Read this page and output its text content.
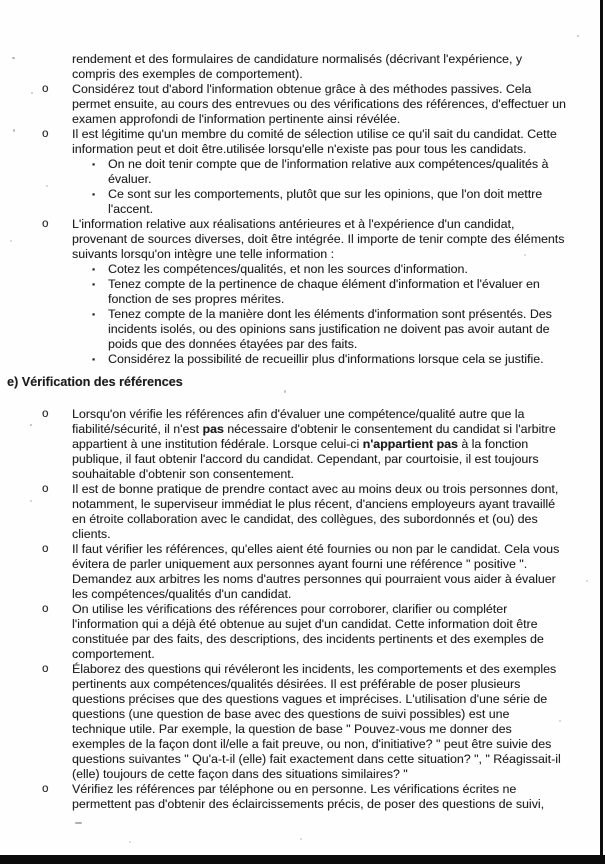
rendement et des formulaires de candidature normalisés (décrivant l'expérience, y compris des exemples de comportement).

o Considérez tout d'abord l'information obtenue grâce à des méthodes passives. Cela permet ensuite, au cours des entrevues ou des vérifications des références, d'effectuer un examen approfondi de l'information pertinente ainsi révélée.
o Il est légitime qu'un membre du comité de sélection utilise ce qu'il sait du candidat. Cette information peut et doit être.utilisée lorsqu'elle n'existe pas pour tous les candidats.
▪ On ne doit tenir compte que de l'information relative aux compétences/qualités à évaluer.
▪ Ce sont sur les comportements, plutôt que sur les opinions, que l'on doit mettre l'accent.
o L'information relative aux réalisations antérieures et à l'expérience d'un candidat, provenant de sources diverses, doit être intégrée. Il importe de tenir compte des éléments suivants lorsqu'on intègre une telle information :
▪ Cotez les compétences/qualités, et non les sources d'information.
▪ Tenez compte de la pertinence de chaque élément d'information et l'évaluer en fonction de ses propres mérites.
▪ Tenez compte de la manière dont les éléments d'information sont présentés. Des incidents isolés, ou des opinions sans justification ne doivent pas avoir autant de poids que des données étayées par des faits.
▪ Considérez la possibilité de recueillir plus d'informations lorsque cela se justifie.
e) Vérification des références
o Lorsqu'on vérifie les références afin d'évaluer une compétence/qualité autre que la fiabilité/sécurité, il n'est pas nécessaire d'obtenir le consentement du candidat si l'arbitre appartient à une institution fédérale. Lorsque celui-ci n'appartient pas à la fonction publique, il faut obtenir l'accord du candidat. Cependant, par courtoisie, il est toujours souhaitable d'obtenir son consentement.
o Il est de bonne pratique de prendre contact avec au moins deux ou trois personnes dont, notamment, le superviseur immédiat le plus récent, d'anciens employeurs ayant travaillé en étroite collaboration avec le candidat, des collègues, des subordonnés et (ou) des clients.
o Il faut vérifier les références, qu'elles aient été fournies ou non par le candidat. Cela vous évitera de parler uniquement aux personnes ayant fourni une référence " positive ". Demandez aux arbitres les noms d'autres personnes qui pourraient vous aider à évaluer les compétences/qualités d'un candidat.
o On utilise les vérifications des références pour corroborer, clarifier ou compléter l'information qui a déjà été obtenue au sujet d'un candidat. Cette information doit être constituée par des faits, des descriptions, des incidents pertinents et des exemples de comportement.
o Élaborez des questions qui révéleront les incidents, les comportements et des exemples pertinents aux compétences/qualités désirées. Il est préférable de poser plusieurs questions précises que des questions vagues et imprécises. L'utilisation d'une série de questions (une question de base avec des questions de suivi possibles) est une technique utile. Par exemple, la question de base " Pouvez-vous me donner des exemples de la façon dont il/elle a fait preuve, ou non, d'initiative? " peut être suivie des questions suivantes " Qu'a-t-il (elle) fait exactement dans cette situation? ", " Réagissait-il (elle) toujours de cette façon dans des situations similaires? "
o Vérifiez les références par téléphone ou en personne. Les vérifications écrites ne permettent pas d'obtenir des éclaircissements précis, de poser des questions de suivi,
